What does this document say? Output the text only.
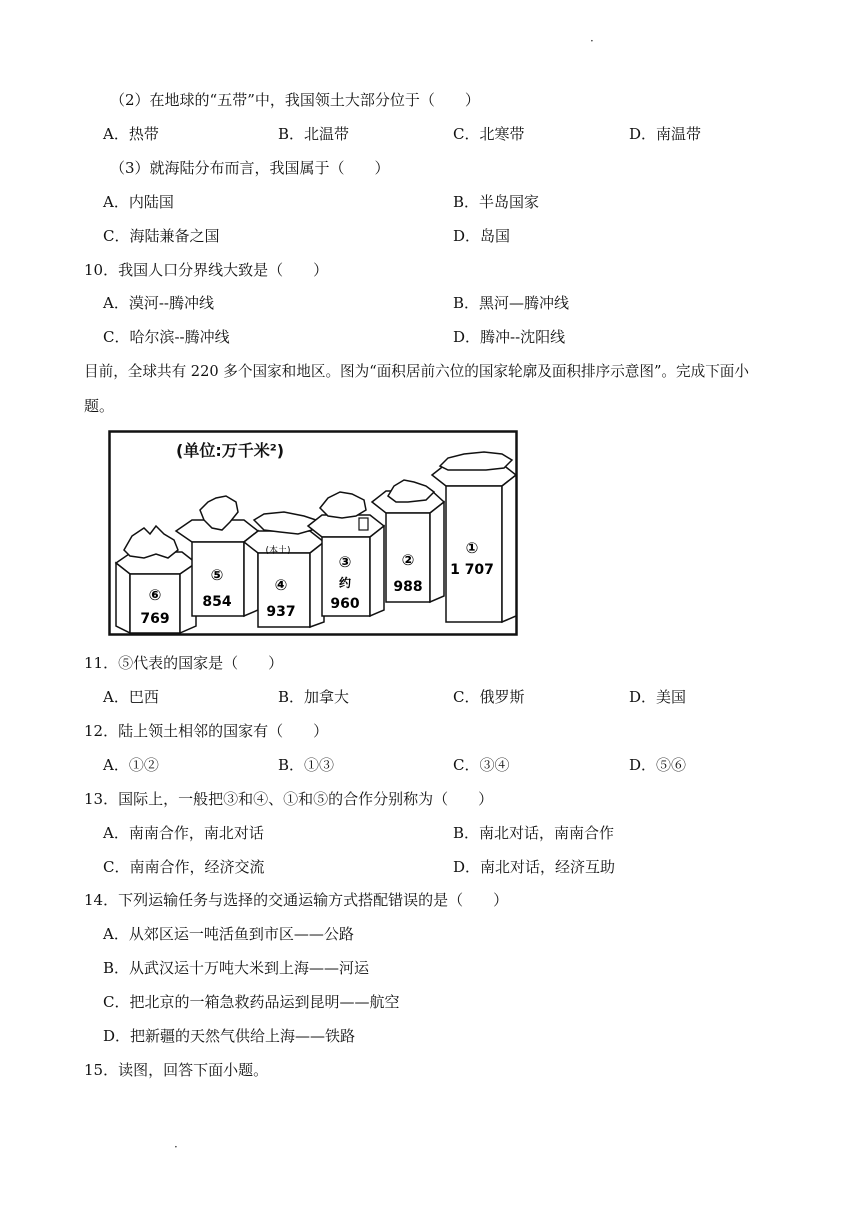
·
（2）在地球的“五带”中，我国领土大部分位于（　　）
A．热带	B．北温带	C．北寒带	D．南温带
（3）就海陆分布而言，我国属于（　　）
A．内陆国	B．半岛国家
C．海陆兼备之国	D．岛国
10．我国人口分界线大致是（　　）
A．漠河--腾冲线	B．黑河—腾冲线
C．哈尔滨--腾冲线	D．腾冲--沈阳线
目前，全球共有 220 多个国家和地区。图为“面积居前六位的国家轮廓及面积排序示意图”。完成下面小
题。
(单位:万千米²)
⑥
769
⑤
854
(本土)
④
937
③
约
960
②
988
①
1 707
11．⑤代表的国家是（　　）
A．巴西	B．加拿大	C．俄罗斯	D．美国
12．陆上领土相邻的国家有（　　）
A．①②	B．①③	C．③④	D．⑤⑥
13．国际上，一般把③和④、①和⑤的合作分别称为（　　）
A．南南合作，南北对话	B．南北对话，南南合作
C．南南合作，经济交流	D．南北对话，经济互助
14．下列运输任务与选择的交通运输方式搭配错误的是（　　）
A．从郊区运一吨活鱼到市区——公路
B．从武汉运十万吨大米到上海——河运
C．把北京的一箱急救药品运到昆明——航空
D．把新疆的天然气供给上海——铁路
15．读图，回答下面小题。
·
